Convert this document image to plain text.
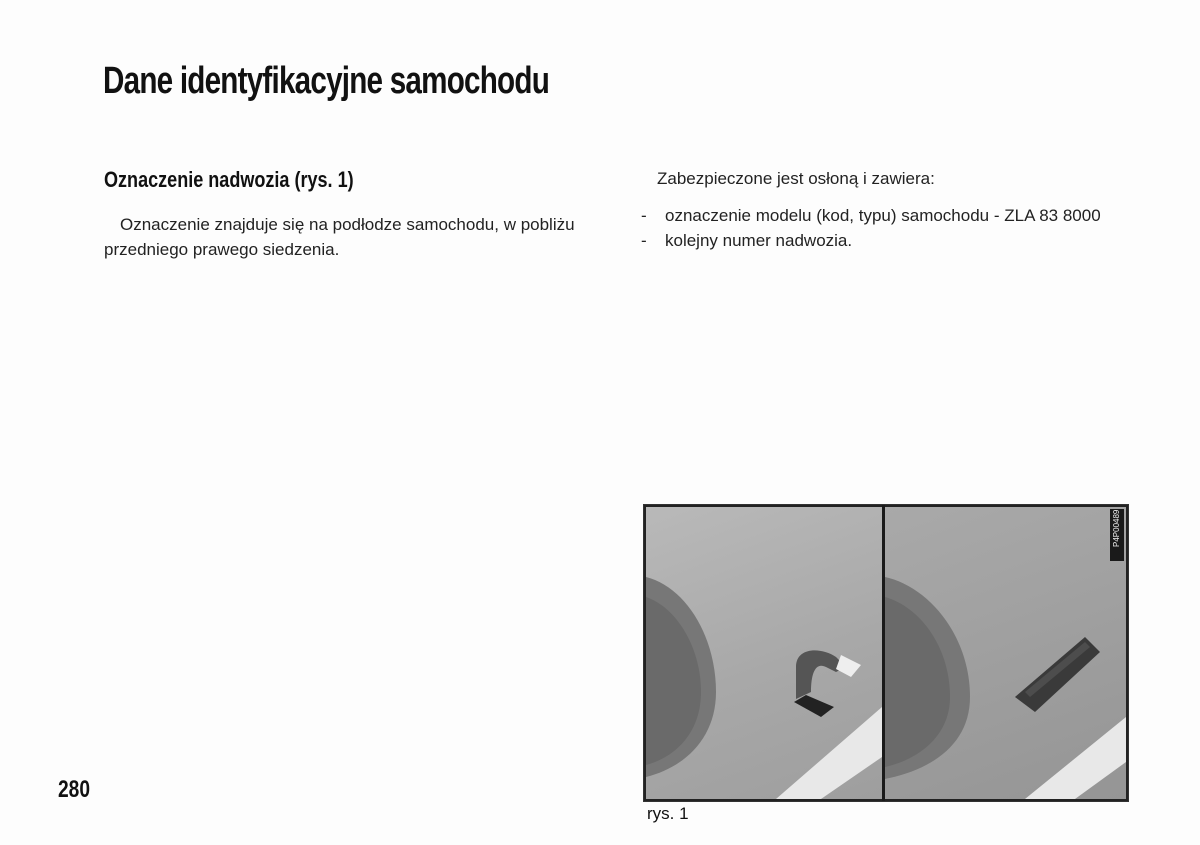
Dane identyfikacyjne samochodu
Oznaczenie nadwozia (rys. 1)
Oznaczenie znajduje się na podłodze samochodu, w pobliżu przedniego prawego siedzenia.
Zabezpieczone jest osłoną i zawiera:
- oznaczenie modelu (kod, typu) samochodu - ZLA 83 8000
- kolejny numer nadwozia.
P4P00489
rys. 1
280
